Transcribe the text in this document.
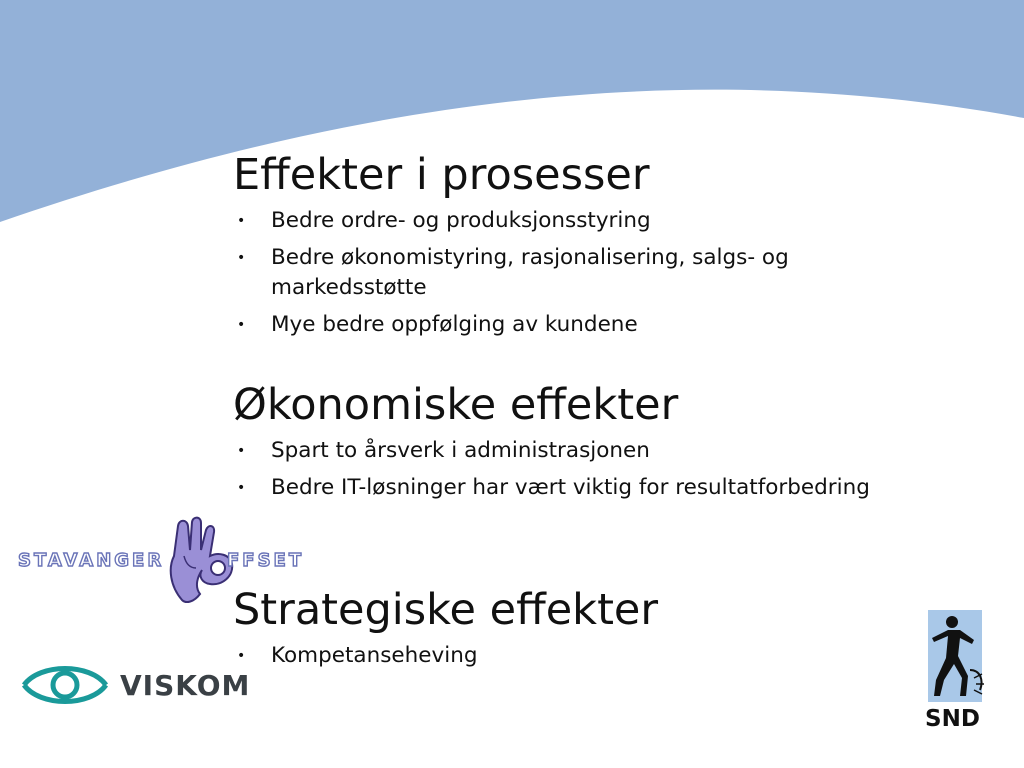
Effekter i prosesser
• Bedre ordre- og produksjonsstyring
• Bedre økonomistyring, rasjonalisering, salgs- og markedsstøtte
• Mye bedre oppfølging av kundene
Økonomiske effekter
• Spart to årsverk i administrasjonen
• Bedre IT-løsninger har vært viktig for resultatforbedring
Strategiske effekter
• Kompetanseheving
STAVANGER	FFSET
VISKOM
SND
